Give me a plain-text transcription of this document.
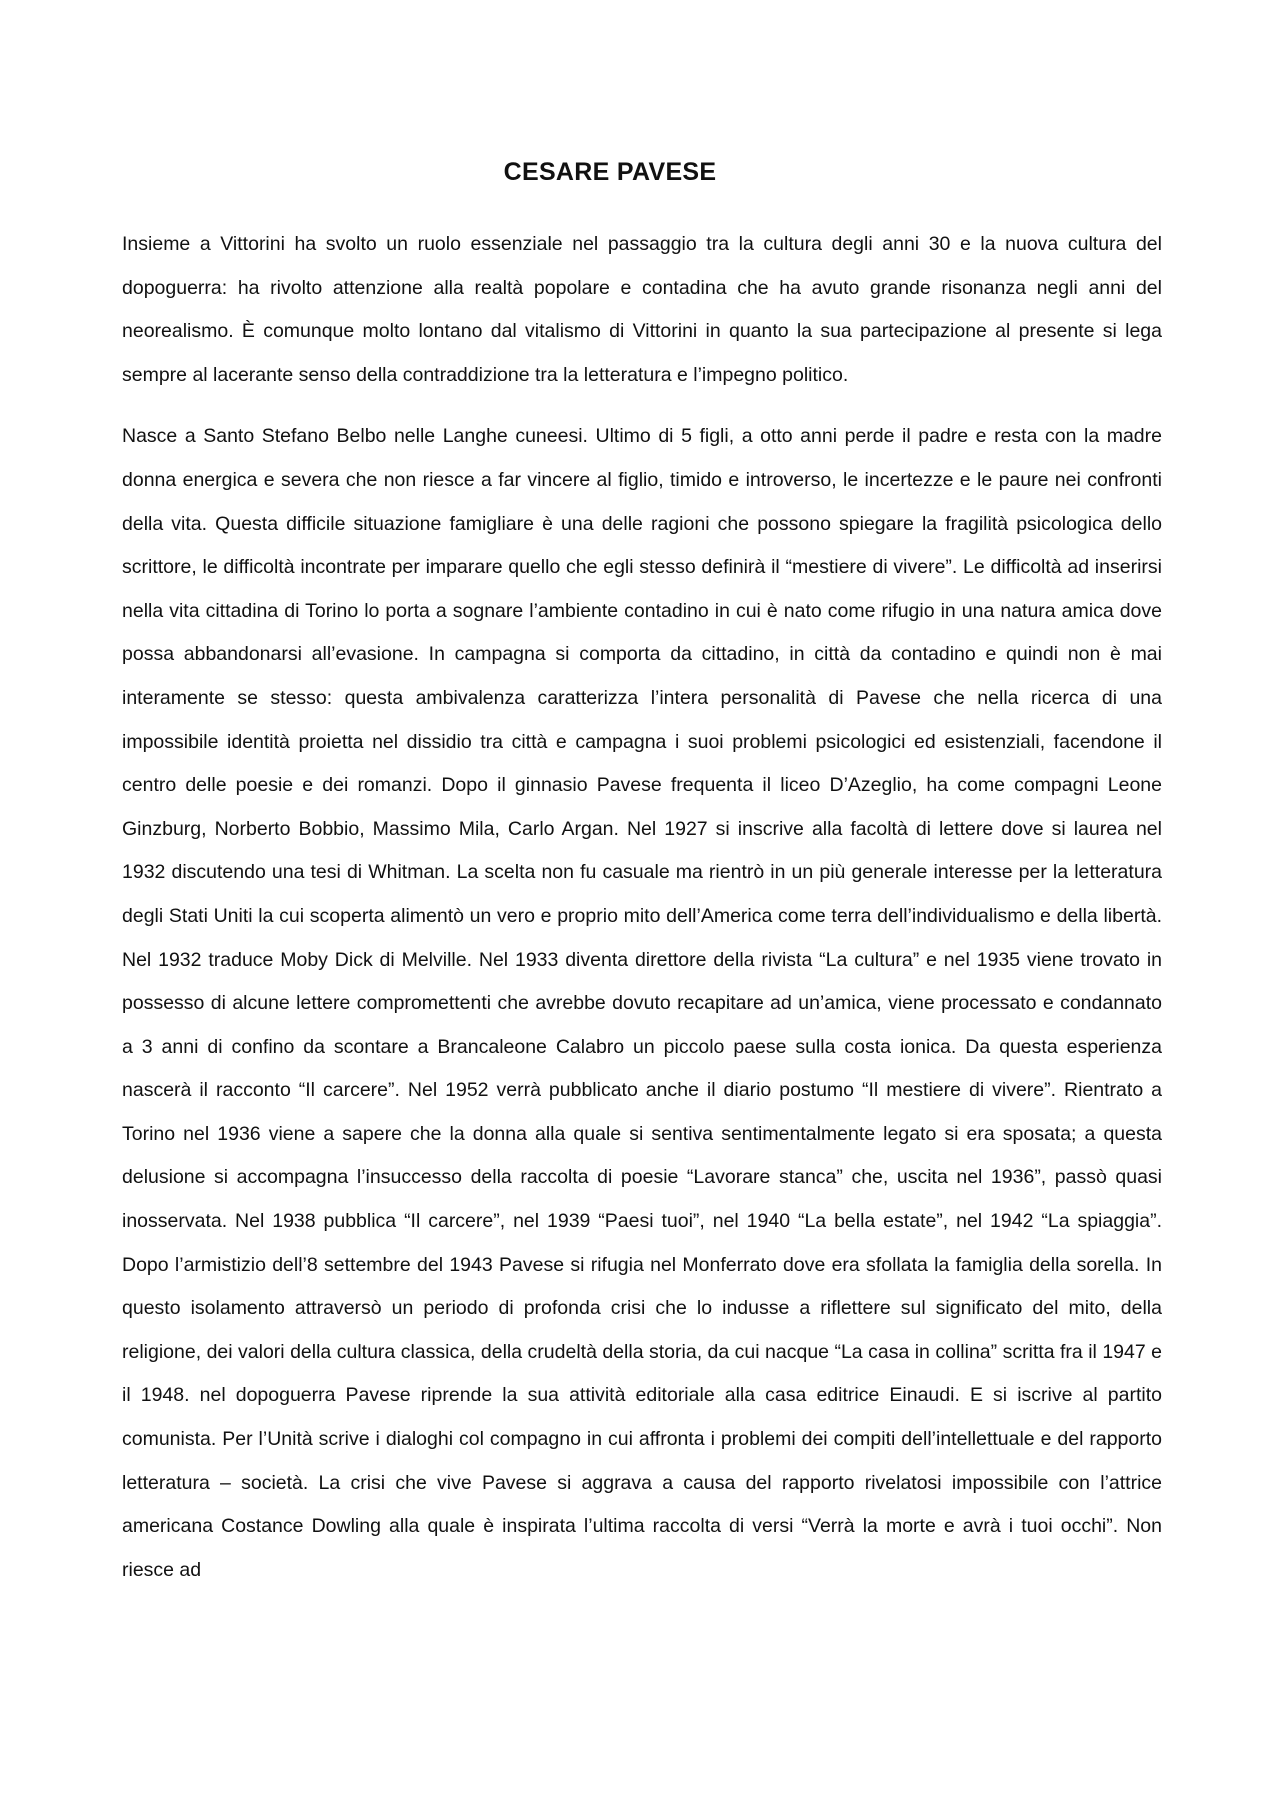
CESARE PAVESE

Insieme a Vittorini ha svolto un ruolo essenziale nel passaggio tra la cultura degli anni 30 e la nuova cultura del dopoguerra: ha rivolto attenzione alla realtà popolare e contadina che ha avuto grande risonanza negli anni del neorealismo. È comunque molto lontano dal vitalismo di Vittorini in quanto la sua partecipazione al presente si lega sempre al lacerante senso della contraddizione tra la letteratura e l’impegno politico.

Nasce a Santo Stefano Belbo nelle Langhe cuneesi. Ultimo di 5 figli, a otto anni perde il padre e resta con la madre donna energica e severa che non riesce a far vincere al figlio, timido e introverso, le incertezze e le paure nei confronti della vita. Questa difficile situazione famigliare è una delle ragioni che possono spiegare la fragilità psicologica dello scrittore, le difficoltà incontrate per imparare quello che egli stesso definirà il “mestiere di vivere”. Le difficoltà ad inserirsi nella vita cittadina di Torino lo porta a sognare l’ambiente contadino in cui è nato come rifugio in una natura amica dove possa abbandonarsi all’evasione. In campagna si comporta da cittadino, in città da contadino e quindi non è mai interamente se stesso: questa ambivalenza caratterizza l’intera personalità di Pavese che nella ricerca di una impossibile identità proietta nel dissidio tra città e campagna i suoi problemi psicologici ed esistenziali, facendone il centro delle poesie e dei romanzi. Dopo il ginnasio Pavese frequenta il liceo D’Azeglio, ha come compagni Leone Ginzburg, Norberto Bobbio, Massimo Mila, Carlo Argan. Nel 1927 si inscrive alla facoltà di lettere dove si laurea nel 1932 discutendo una tesi di Whitman. La scelta non fu casuale ma rientrò in un più generale interesse per la letteratura degli Stati Uniti la cui scoperta alimentò un vero e proprio mito dell’America come terra dell’individualismo e della libertà. Nel 1932 traduce Moby Dick di Melville. Nel 1933 diventa direttore della rivista “La cultura” e nel 1935 viene trovato in possesso di alcune lettere compromettenti che avrebbe dovuto recapitare ad un’amica, viene processato e condannato a 3 anni di confino da scontare a Brancaleone Calabro un piccolo paese sulla costa ionica. Da questa esperienza nascerà il racconto “Il carcere”. Nel 1952 verrà pubblicato anche il diario postumo “Il mestiere di vivere”. Rientrato a Torino nel 1936 viene a sapere che la donna alla quale si sentiva sentimentalmente legato si era sposata; a questa delusione si accompagna l’insuccesso della raccolta di poesie “Lavorare stanca” che, uscita nel 1936”, passò quasi inosservata. Nel 1938 pubblica “Il carcere”, nel 1939 “Paesi tuoi”, nel 1940 “La bella estate”, nel 1942 “La spiaggia”. Dopo l’armistizio dell’8 settembre del 1943 Pavese si rifugia nel Monferrato dove era sfollata la famiglia della sorella. In questo isolamento attraversò un periodo di profonda crisi che lo indusse a riflettere sul significato del mito, della religione, dei valori della cultura classica, della crudeltà della storia, da cui nacque “La casa in collina” scritta fra il 1947 e il 1948. nel dopoguerra Pavese riprende la sua attività editoriale alla casa editrice Einaudi. E si iscrive al partito comunista. Per l’Unità scrive i dialoghi col compagno in cui affronta i problemi dei compiti dell’intellettuale e del rapporto letteratura – società. La crisi che vive Pavese si aggrava a causa del rapporto rivelatosi impossibile con l’attrice americana Costance Dowling alla quale è inspirata l’ultima raccolta di versi “Verrà la morte e avrà i tuoi occhi”. Non riesce ad
